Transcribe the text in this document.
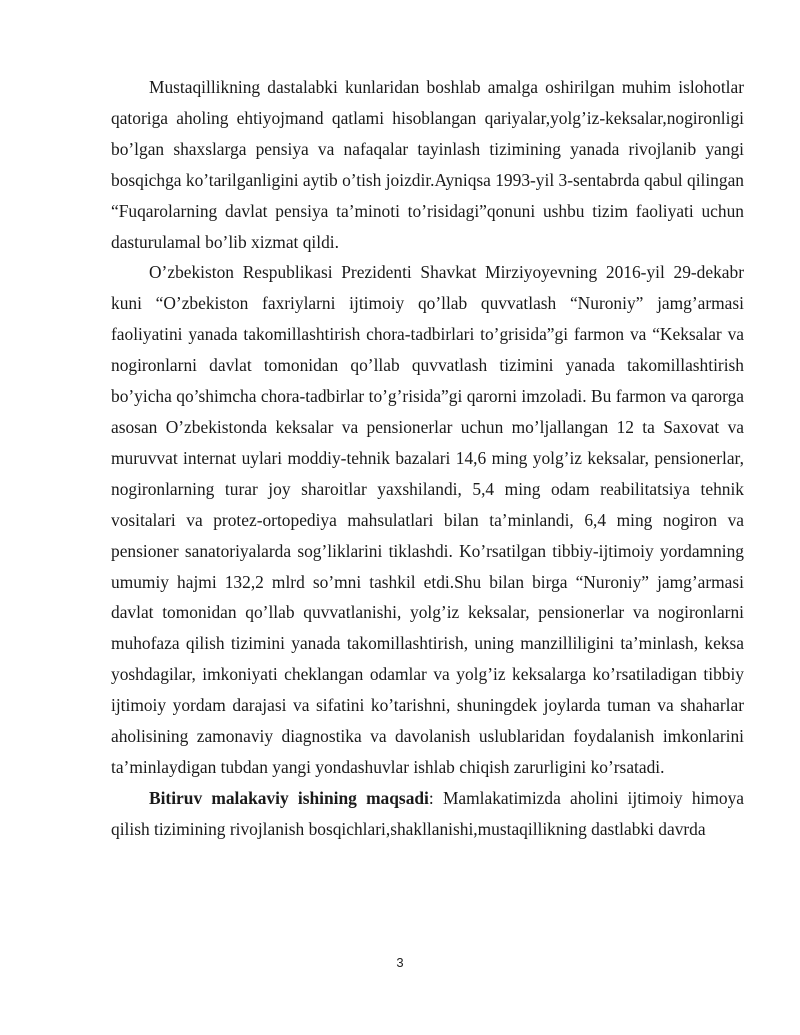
Mustaqillikning dastalabki kunlaridan boshlab amalga oshirilgan muhim islohotlar qatoriga aholing ehtiyojmand qatlami hisoblangan qariyalar,yolg’iz-keksalar,nogironligi bo’lgan shaxslarga pensiya va nafaqalar tayinlash tizimining yanada rivojlanib yangi bosqichga ko’tarilganligini aytib o’tish joizdir.Ayniqsa 1993-yil 3-sentabrda qabul qilingan “Fuqarolarning davlat pensiya ta’minoti to’risidagi”qonuni ushbu tizim faoliyati uchun dasturulamal bo’lib xizmat qildi.

O’zbekiston Respublikasi Prezidenti Shavkat Mirziyoyevning 2016-yil 29-dekabr kuni “O’zbekiston faxriylarni ijtimoiy qo’llab quvvatlash “Nuroniy” jamg’armasi faoliyatini yanada takomillashtirish chora-tadbirlari to’grisida”gi farmon va “Keksalar va nogironlarni davlat tomonidan qo’llab quvvatlash tizimini yanada takomillashtirish bo’yicha qo’shimcha chora-tadbirlar to’g’risida”gi qarorni imzoladi. Bu farmon va qarorga asosan O’zbekistonda keksalar va pensionerlar uchun mo’ljallangan 12 ta Saxovat va muruvvat internat uylari moddiy-tehnik bazalari 14,6 ming yolg’iz keksalar, pensionerlar, nogironlarning turar joy sharoitlar yaxshilandi, 5,4 ming odam reabilitatsiya tehnik vositalari va protez-ortopediya mahsulatlari bilan ta’minlandi, 6,4 ming nogiron va pensioner sanatoriyalarda sog’liklarini tiklashdi. Ko’rsatilgan tibbiy-ijtimoiy yordamning umumiy hajmi 132,2 mlrd so’mni tashkil etdi.Shu bilan birga “Nuroniy” jamg’armasi davlat tomonidan qo’llab quvvatlanishi, yolg’iz keksalar, pensionerlar va nogironlarni muhofaza qilish tizimini yanada takomillashtirish, uning manzilliligini ta’minlash, keksa yoshdagilar, imkoniyati cheklangan odamlar va yolg’iz keksalarga ko’rsatiladigan tibbiy ijtimoiy yordam darajasi va sifatini ko’tarishni, shuningdek joylarda tuman va shaharlar aholisining zamonaviy diagnostika va davolanish uslublaridan foydalanish imkonlarini ta’minlaydigan tubdan yangi yondashuvlar ishlab chiqish zarurligini ko’rsatadi.

Bitiruv malakaviy ishining maqsadi: Mamlakatimizda aholini ijtimoiy himoya qilish tizimining rivojlanish bosqichlari,shakllanishi,mustaqillikning dastlabki davrda

3
